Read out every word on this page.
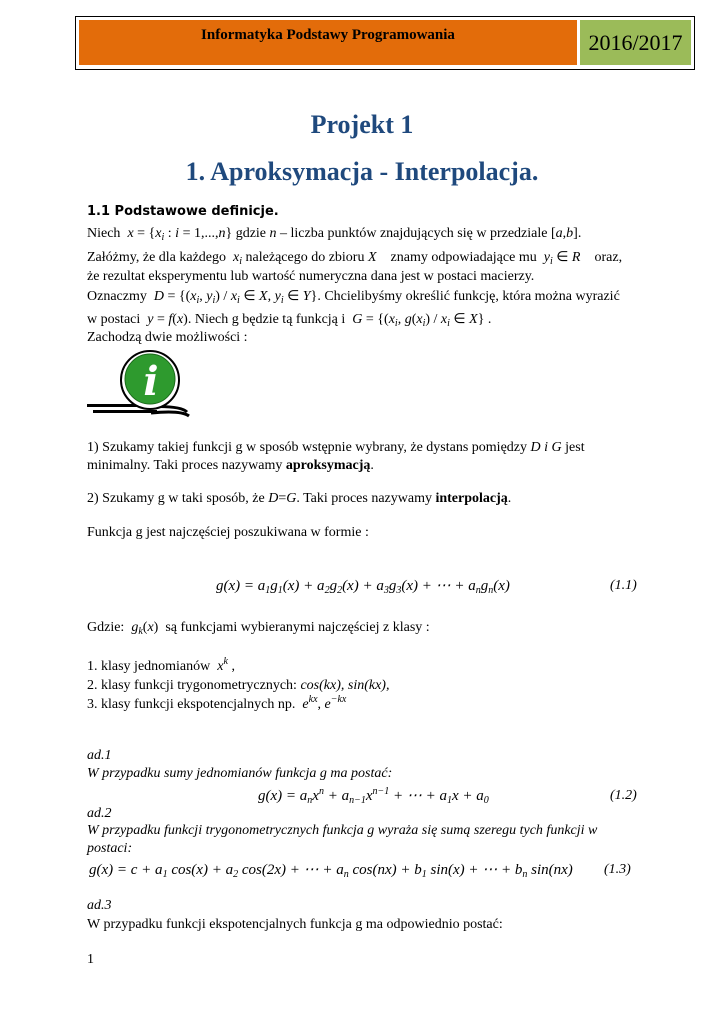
Informatyka Podstawy Programowania	2016/2017
Projekt 1
1. Aproksymacja - Interpolacja.
1.1 Podstawowe definicje.
Niech $x = \{x_i$ : i = 1,...,n} gdzie n – liczba punktów znajdujących się w przedziale [a,b].
Załóżmy, że dla każdego $x_i$ należącego do zbioru X znamy odpowiadające mu $y_i$ ∈ R oraz,
że rezultat eksperymentu lub wartość numeryczna dana jest w postaci macierzy.
Oznaczmy $D = \{(x_i$, $y_i) / x_i$ ∈ X, $y_i$ ∈ Y}. Chcielibyśmy określić funkcję, która można wyrazić
w postaci y = f(x). Niech g będzie tą funkcją i $G = \{(x_i$, $g(x_i) / x_i$ ∈ X} .
Zachodzą dwie możliwości :
i
1) Szukamy takiej funkcji g w sposób wstępnie wybrany, że dystans pomiędzy D i G jest
minimalny. Taki proces nazywamy aproksymacją.
2) Szukamy g w taki sposób, że D=G. Taki proces nazywamy interpolacją.
Funkcja g jest najczęściej poszukiwana w formie :
$g(x) = a_1g_1(x) + a_2g_2(x) + a_3g_3(x)$ + ⋯ + $a_ng_n(x)$	(1.1)
Gdzie: $g_k(x)$  są funkcjami wybieranymi najczęściej z klasy :
1. klasy jednomianów $x^k$ ,
2. klasy funkcji trygonometrycznych: cos(kx), sin(kx),
3. klasy funkcji ekspotencjalnych np. $e^{kx}$, $e^{-kx}$
ad.1
W przypadku sumy jednomianów funkcja g ma postać:
$g(x) = a_nx^n + a_{n-1}x^{n-1}$ + ⋯ + $a_1x + a_0$	(1.2)
ad.2
W przypadku funkcji trygonometrycznych funkcja g wyraża się sumą szeregu tych funkcji w
postaci:
$g(x) = c + a_1$ $\cos(x) + a_2$ cos(2x) + ⋯ + $a_n$ $\cos(nx) + b_1$ sin(x) + ⋯ + $b_n$ sin(nx) (1.3)
ad.3
W przypadku funkcji ekspotencjalnych funkcja g ma odpowiednio postać:
1
